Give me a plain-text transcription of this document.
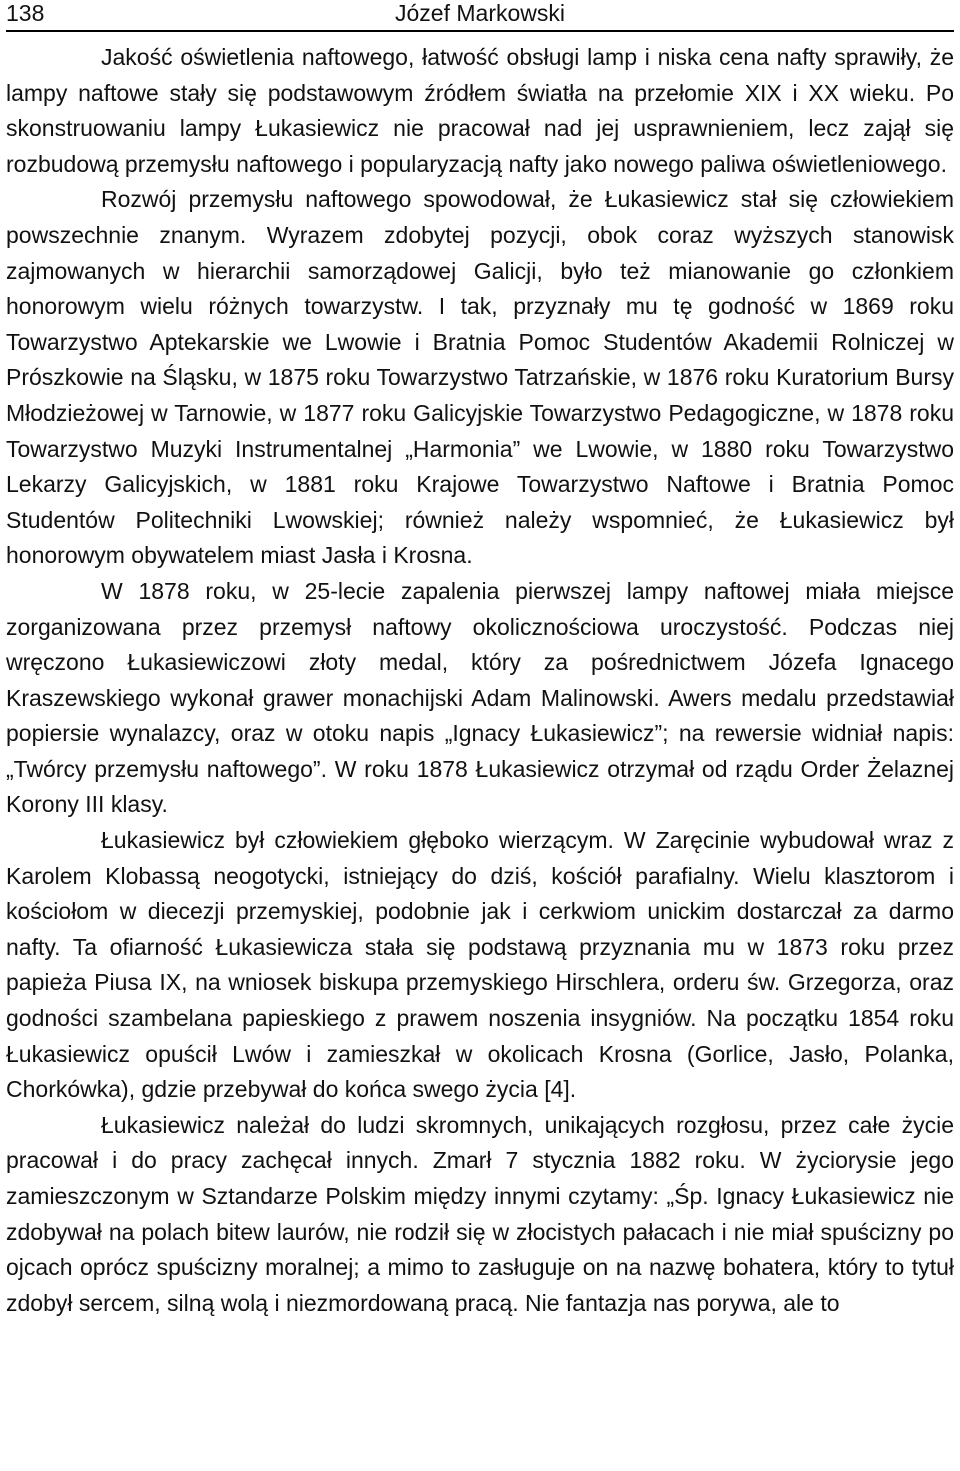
138	Józef Markowski

Jakość oświetlenia naftowego, łatwość obsługi lamp i niska cena nafty sprawiły, że lampy naftowe stały się podstawowym źródłem światła na przełomie XIX i XX wieku. Po skonstruowaniu lampy Łukasiewicz nie pracował nad jej usprawnieniem, lecz zajął się rozbudową przemysłu naftowego i popularyzacją nafty jako nowego paliwa oświetleniowego.

Rozwój przemysłu naftowego spowodował, że Łukasiewicz stał się człowiekiem powszechnie znanym. Wyrazem zdobytej pozycji, obok coraz wyższych stanowisk zajmowanych w hierarchii samorządowej Galicji, było też mianowanie go członkiem honorowym wielu różnych towarzystw. I tak, przyznały mu tę godność w 1869 roku Towarzystwo Aptekarskie we Lwowie i Bratnia Pomoc Studentów Akademii Rolniczej w Prószkowie na Śląsku, w 1875 roku Towarzystwo Tatrzańskie, w 1876 roku Kuratorium Bursy Młodzieżowej w Tarnowie, w 1877 roku Galicyjskie Towarzystwo Pedagogiczne, w 1878 roku Towarzystwo Muzyki Instrumentalnej „Harmonia” we Lwowie, w 1880 roku Towarzystwo Lekarzy Galicyjskich, w 1881 roku Krajowe Towarzystwo Naftowe i Bratnia Pomoc Studentów Politechniki Lwowskiej; również należy wspomnieć, że Łukasiewicz był honorowym obywatelem miast Jasła i Krosna.

W 1878 roku, w 25-lecie zapalenia pierwszej lampy naftowej miała miejsce zorganizowana przez przemysł naftowy okolicznościowa uroczystość. Podczas niej wręczono Łukasiewiczowi złoty medal, który za pośrednictwem Józefa Ignacego Kraszewskiego wykonał grawer monachijski Adam Malinowski. Awers medalu przedstawiał popiersie wynalazcy, oraz w otoku napis „Ignacy Łukasiewicz”; na rewersie widniał napis: „Twórcy przemysłu naftowego”. W roku 1878 Łukasiewicz otrzymał od rządu Order Żelaznej Korony III klasy.

Łukasiewicz był człowiekiem głęboko wierzącym. W Zaręcinie wybudował wraz z Karolem Klobassą neogotycki, istniejący do dziś, kościół parafialny. Wielu klasztorom i kościołom w diecezji przemyskiej, podobnie jak i cerkwiom unickim dostarczał za darmo nafty. Ta ofiarność Łukasiewicza stała się podstawą przyznania mu w 1873 roku przez papieża Piusa IX, na wniosek biskupa przemyskiego Hirschlera, orderu św. Grzegorza, oraz godności szambelana papieskiego z prawem noszenia insygniów. Na początku 1854 roku Łukasiewicz opuścił Lwów i zamieszkał w okolicach Krosna (Gorlice, Jasło, Polanka, Chorkówka), gdzie przebywał do końca swego życia [4].

Łukasiewicz należał do ludzi skromnych, unikających rozgłosu, przez całe życie pracował i do pracy zachęcał innych. Zmarł 7 stycznia 1882 roku. W życiorysie jego zamieszczonym w Sztandarze Polskim między innymi czytamy: „Śp. Ignacy Łukasiewicz nie zdobywał na polach bitew laurów, nie rodził się w złocistych pałacach i nie miał spuścizny po ojcach oprócz spuścizny moralnej; a mimo to zasługuje on na nazwę bohatera, który to tytuł zdobył sercem, silną wolą i niezmordowaną pracą. Nie fantazja nas porywa, ale to
